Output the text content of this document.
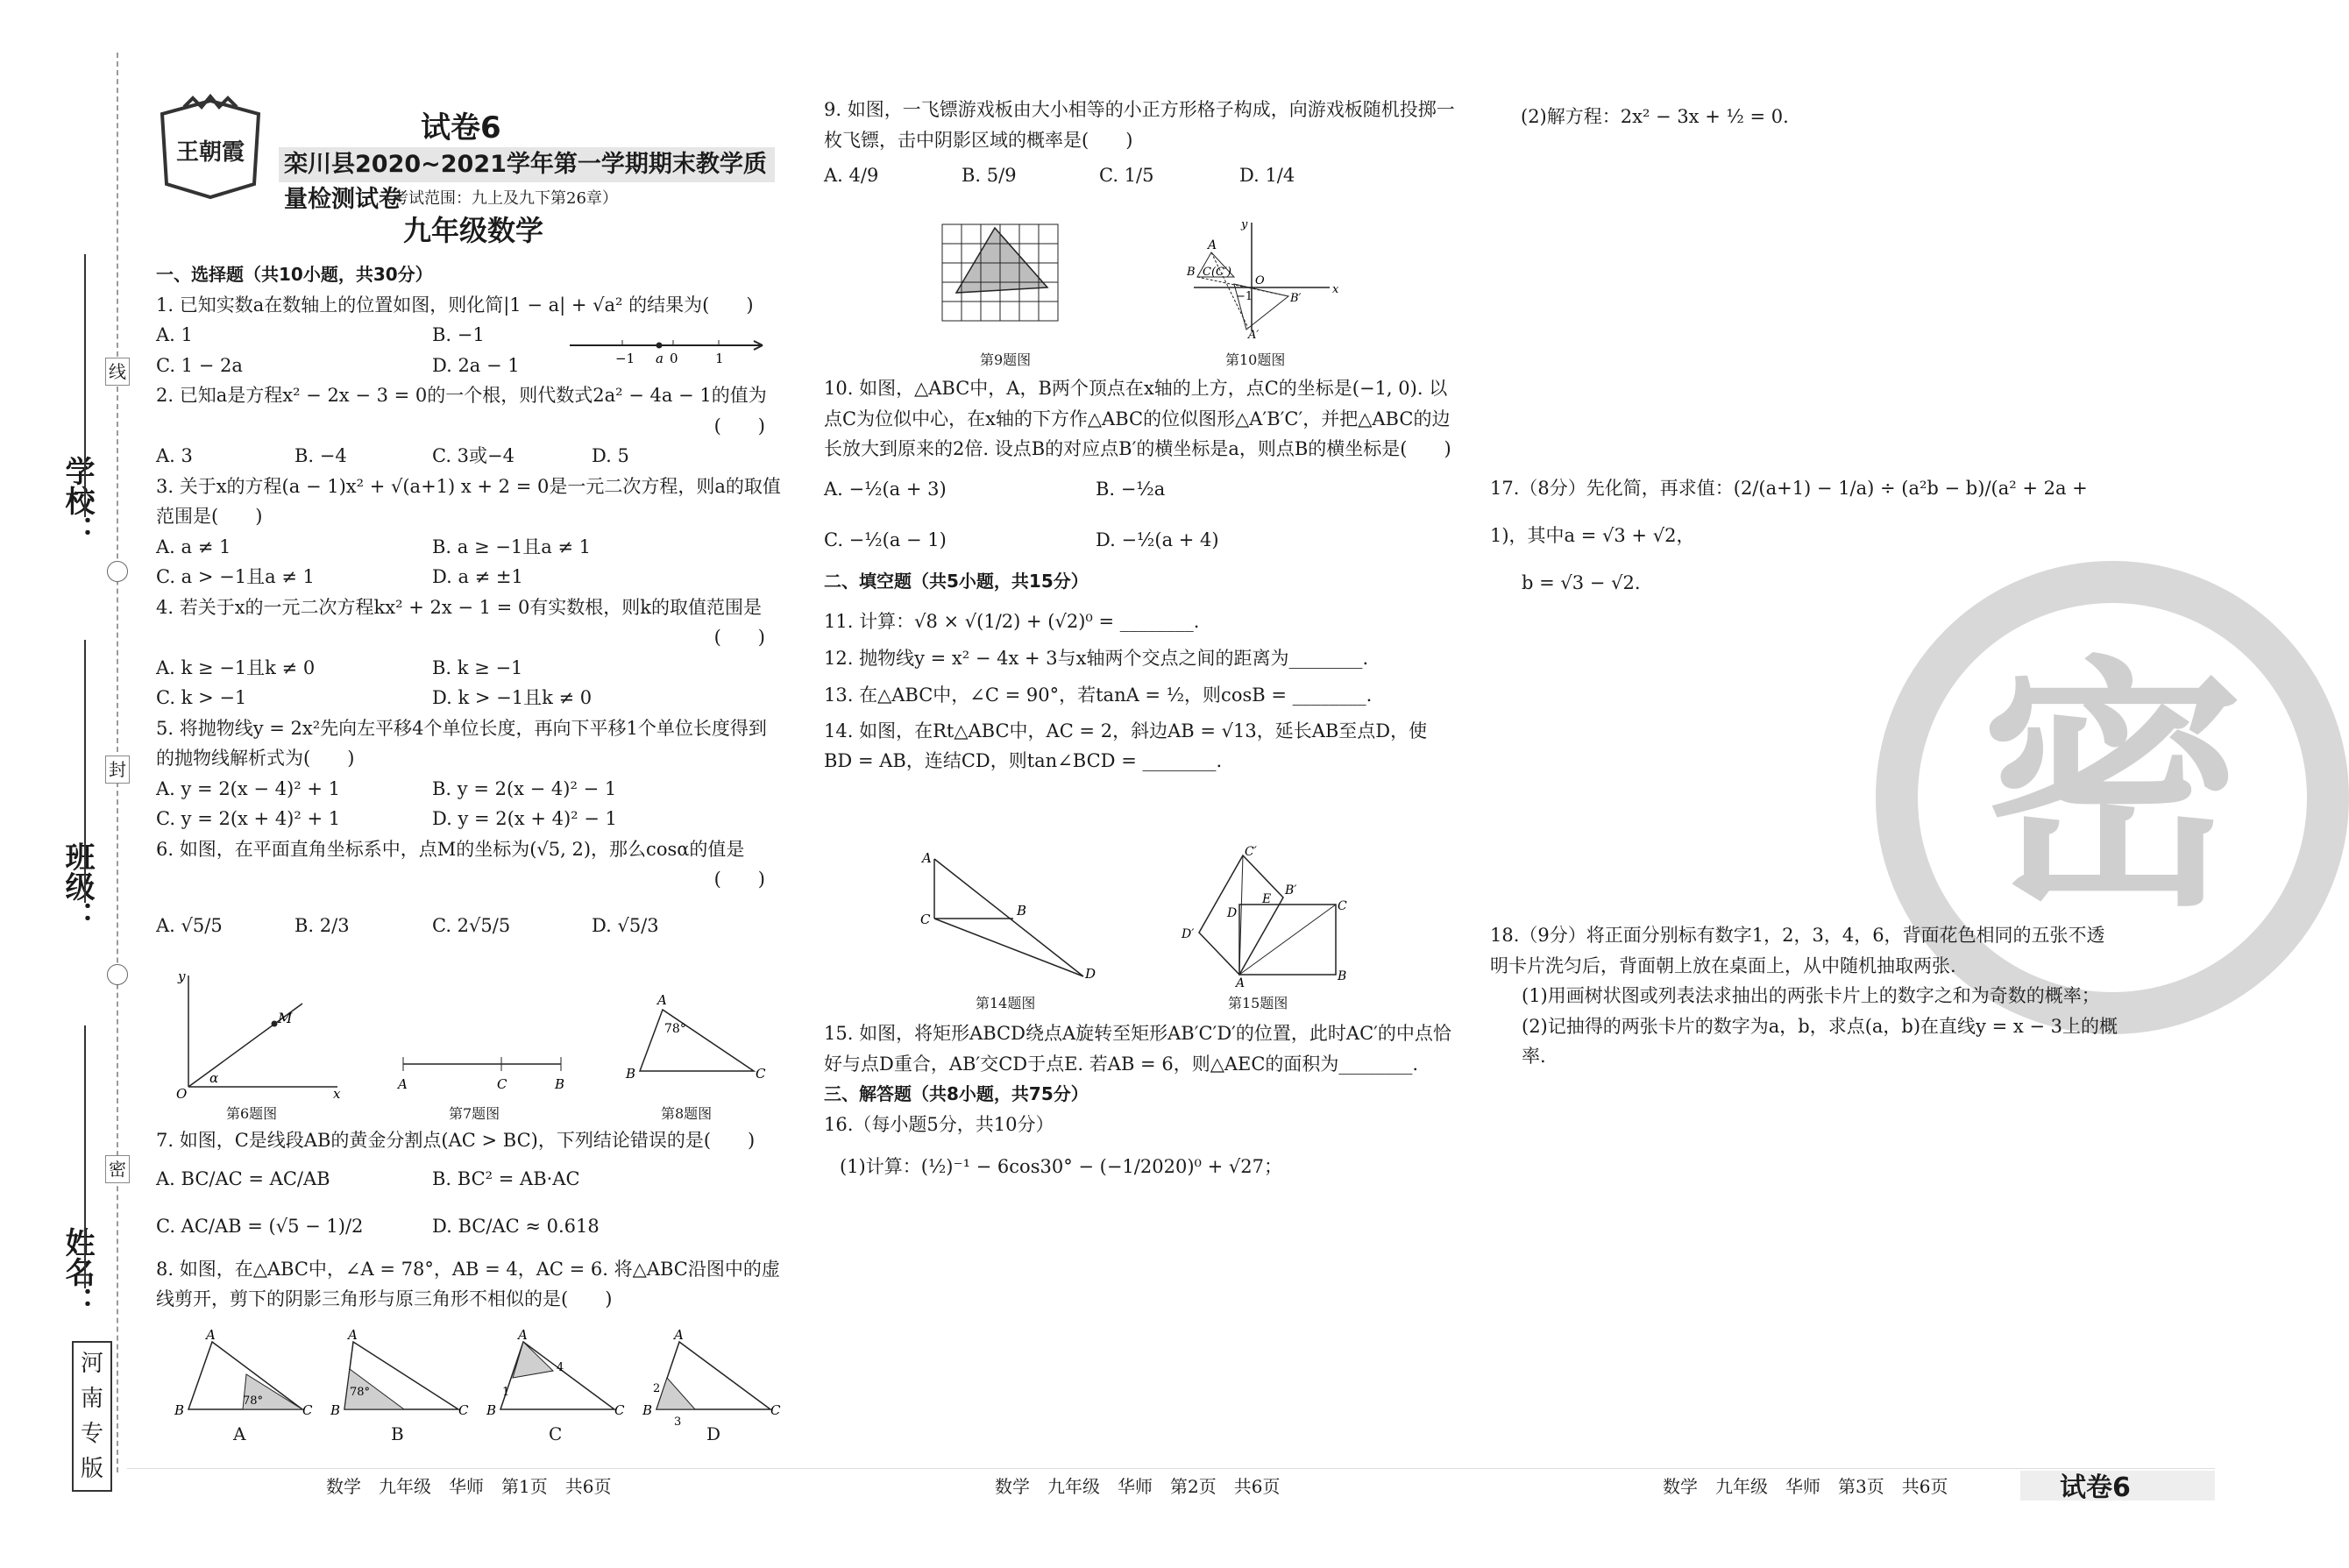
学校：
班级：
姓名：
线
封
密
河南专版
密
王朝霞
试卷6
栾川县2020~2021学年第一学期期末教学质量检测试卷
（考试范围：九上及九下第26章）
九年级数学
一、选择题（共10小题，共30分）

1. 已知实数a在数轴上的位置如图，则化简|1 − a| + √a² 的结果为(　　)

A. 1	B. −1
C. 1 − 2a	D. 2a − 1

2. 已知a是方程x² − 2x − 3 = 0的一个根，则代数式2a² − 4a − 1的值为

(　　)

A. 3	B. −4	C. 3或−4	D. 5

3. 关于x的方程(a − 1)x² + √(a+1) x + 2 = 0是一元二次方程，则a的取值范围是(　　)

A. a ≠ 1	B. a ≥ −1且a ≠ 1
C. a > −1且a ≠ 1	D. a ≠ ±1

4. 若关于x的一元二次方程kx² + 2x − 1 = 0有实数根，则k的取值范围是

(　　)

A. k ≥ −1且k ≠ 0	B. k ≥ −1
C. k > −1	D. k > −1且k ≠ 0

5. 将抛物线y = 2x²先向左平移4个单位长度，再向下平移1个单位长度得到的抛物线解析式为(　　)

A. y = 2(x − 4)² + 1	B. y = 2(x − 4)² − 1
C. y = 2(x + 4)² + 1	D. y = 2(x + 4)² − 1

6. 如图，在平面直角坐标系中，点M的坐标为(√5, 2)，那么cosα的值是

(　　)

A. √5/5	B. 2/3	C. 2√5/5	D. √5/3
−1 a 0	1
M
α
O	x
y
A	C	B
A
B	C
78°
第6题图	第7题图	第8题图

7. 如图，C是线段AB的黄金分割点(AC > BC)，下列结论错误的是(　　)

A. BC/AC = AC/AB	B. BC² = AB·AC
C. AC/AB = (√5 − 1)/2	D. BC/AC ≈ 0.618

8. 如图，在△ABC中，∠A = 78°，AB = 4，AC = 6. 将△ABC沿图中的虚线剪开，剪下的阴影三角形与原三角形不相似的是(　　)

A
B	C
78°
A
B	C
78°
A
B	C
4
1
A
B	C
2
3
A	B	C	D

9. 如图，一飞镖游戏板由大小相等的小正方形格子构成，向游戏板随机投掷一枚飞镖，击中阴影区域的概率是(　　)

A. 4/9	B. 5/9	C. 1/5	D. 1/4
A
B C(C′)
O
−1	B′
A′
x
y
第9题图	第10题图

10. 如图，△ABC中，A，B两个顶点在x轴的上方，点C的坐标是(−1, 0). 以点C为位似中心，在x轴的下方作△ABC的位似图形△A′B′C′，并把△ABC的边长放大到原来的2倍. 设点B的对应点B′的横坐标是a，则点B的横坐标是(　　)

A. −½(a + 3)	B. −½a
C. −½(a − 1)	D. −½(a + 4)
二、填空题（共5小题，共15分）

11. 计算：√8 × √(1/2) + (√2)⁰ = ________.

12. 抛物线y = x² − 4x + 3与x轴两个交点之间的距离为________.

13. 在△ABC中，∠C = 90°，若tanA = ½，则cosB = ________.

14. 如图，在Rt△ABC中，AC = 2，斜边AB = √13，延长AB至点D，使BD = AB，连结CD，则tan∠BCD = ________.

A
C
B
D
C′
B′
E
D
D′
C
A	B
第14题图	第15题图

15. 如图，将矩形ABCD绕点A旋转至矩形AB′C′D′的位置，此时AC′的中点恰好与点D重合，AB′交CD于点E. 若AB = 6，则△AEC的面积为________.

三、解答题（共8小题，共75分）

16.（每小题5分，共10分）

(1)计算：(½)⁻¹ − 6cos30° − (−1/2020)⁰ + √27；

(2)解方程：2x² − 3x + ½ = 0.

17.（8分）先化简，再求值：(2/(a+1) − 1/a) ÷ (a²b − b)/(a² + 2a + 1)，其中a = √3 + √2，

b = √3 − √2.

18.（9分）将正面分别标有数字1，2，3，4，6，背面花色相同的五张不透明卡片洗匀后，背面朝上放在桌面上，从中随机抽取两张.

(1)用画树状图或列表法求抽出的两张卡片上的数字之和为奇数的概率；

(2)记抽得的两张卡片的数字为a，b，求点(a，b)在直线y = x − 3上的概率.

数学　九年级　华师　第1页　共6页	数学　九年级　华师　第2页　共6页	数学　九年级　华师　第3页　共6页	试卷6
